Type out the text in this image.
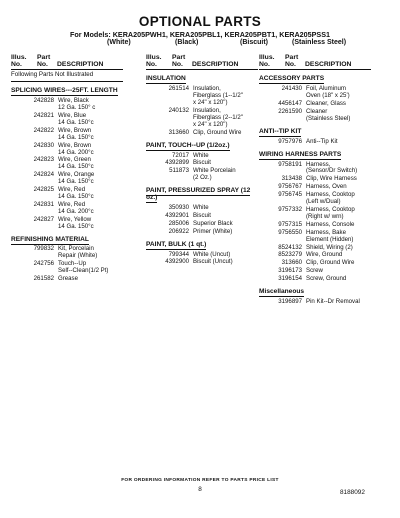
OPTIONAL PARTS
For Models: KERA205PWH1, KERA205PBL1, KERA205PBT1, KERA205PSS1
(White)	(Black)	(Biscuit)	(Stainless Steel)
Illus.	Part
No.	No.	DESCRIPTION
Following Parts Not Illustrated
SPLICING WIRES---25FT. LENGTH
242828 Wire, Black
12 Ga. 150° c
242821 Wire, Blue
14 Ga. 150°c
242822 Wire, Brown
14 Ga. 150°c
242830 Wire, Brown
14 Ga. 200°c
242823 Wire, Green
14 Ga. 150°c
242824 Wire, Orange
14 Ga. 150°c
242825 Wire, Red
14 Ga. 150°c
242831 Wire, Red
14 Ga. 200°c
242827 Wire, Yellow
14 Ga. 150°c
REFINISHING MATERIAL
799832 Kit, Porcelain
Repair (White)
242756 Touch--Up
Self--Clean(1/2 Pt)
261582 Grease
Illus.	Part
No.	No.	DESCRIPTION
INSULATION
261514 Insulation,
Fiberglass (1--1/2"
x 24" x 120")
240132 Insulation,
Fiberglass (2--1/2"
x 24" x 120")
313660 Clip, Ground Wire
PAINT, TOUCH--UP (1/2oz.)
72017 White
4392899 Biscuit
511873 White Porcelain
(2 Oz.)
PAINT, PRESSURIZED SPRAY (12 oz.)
350930 White
4392901 Biscuit
285006 Superior Black
206922 Primer (White)
PAINT, BULK (1 qt.)
799344 White (Uncut)
4392900 Biscuit (Uncut)
Illus.	Part
No.	No.	DESCRIPTION
ACCESSORY PARTS
241430 Foil, Aluminum
Oven (18" x 25')
4456147 Cleaner, Glass
2261590 Cleaner
(Stainless Steel)
ANTI--TIP KIT
9757976 Anti--Tip Kit
WIRING HARNESS PARTS
9758191 Harness,
(Sensor/Dr Switch)
313438 Clip, Wire Harness
9756767 Harness, Oven
9756745 Harness, Cooktop
(Left w/Dual)
9757332 Harness, Cooktop
(Right w/ wrn)
9757315 Harness, Console
9756550 Harness, Bake
Element (Hidden)
8524132 Shield, Wiring (2)
8523279 Wire, Ground
313660 Clip, Ground Wire
3196173 Screw
3196154 Screw, Ground
Miscellaneous
3196897 Pin Kit--Dr Removal
FOR ORDERING INFORMATION REFER TO PARTS PRICE LIST
8	8188092
